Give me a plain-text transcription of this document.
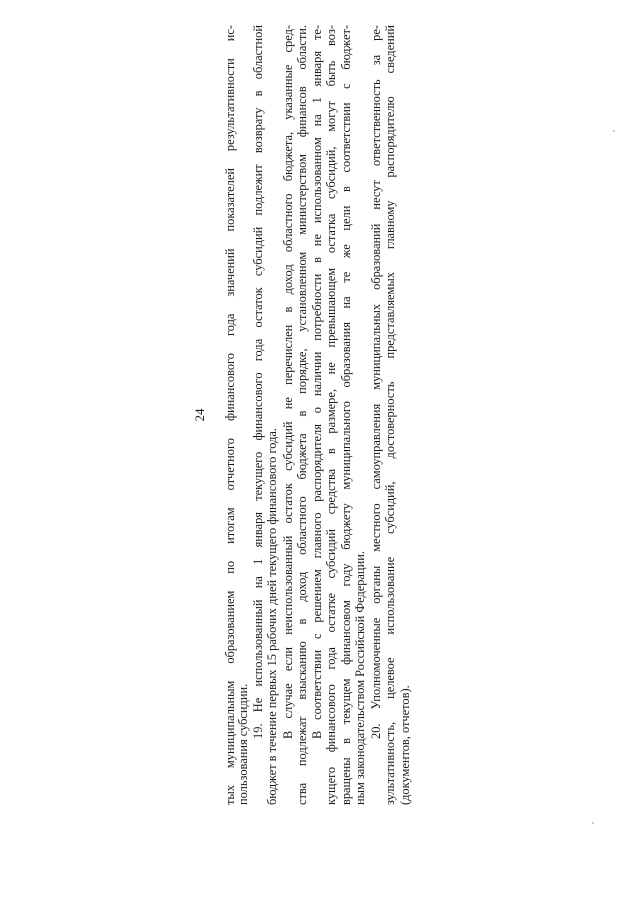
24 тых муниципальным образованием по итогам отчетного финансового года значений показателей результативности ис- пользования субсидии.
19. Не использованный на 1 января текущего финансового года остаток субсидий подлежит возврату в областной бюджет в течение первых 15 рабочих дней текущего финансового года. В случае если неиспользованный остаток субсидий не перечислен в доход областного бюджета, указанные сред- ства подлежат взысканию в доход областного бюджета в порядке, установленном министерством финансов области. В соответствии с решением главного распорядителя о наличии потребности в не использованном на 1 января те- кущего финансового года остатке субсидий средства в размере, не превышающем остатка субсидий, могут быть воз- вращены в текущем финансовом году бюджету муниципального образования на те же цели в соответствии с бюджет- ным законодательством Российской Федерации. 20. Уполномоченные органы местного самоуправления муниципальных образований несут ответственность за ре- зультативность, целевое использование субсидий, достоверность представляемых главному распорядителю сведений (документов, отчетов).
